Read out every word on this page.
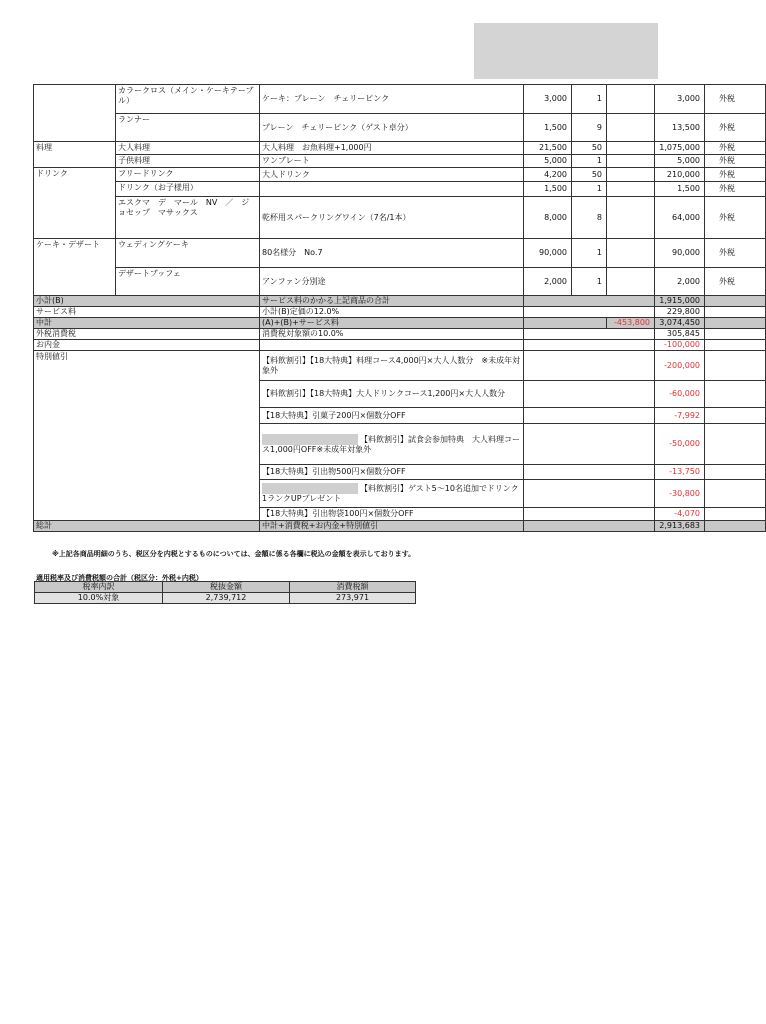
	カラークロス（メイン・ケーキテーブル）	ケーキ：プレーン　チェリーピンク	3,000	1		3,000	外税
	ランナー	プレーン　チェリーピンク（ゲスト卓分）	1,500	9		13,500	外税
料理	大人料理	大人料理　お魚料理+1,000円	21,500	50		1,075,000	外税
	子供料理	ワンプレート	5,000	1		5,000	外税
ドリンク	フリードリンク	大人ドリンク	4,200	50		210,000	外税
	ドリンク（お子様用）		1,500	1		1,500	外税
	エスクマ　デ　マール　NV　／　ジョセップ　マサックス	乾杯用スパークリングワイン（7名/1本）	8,000	8		64,000	外税
ケーキ・デザート	ウェディングケーキ	80名様分　No.7	90,000	1		90,000	外税
	デザートブッフェ	アンファン分別途	2,000	1		2,000	外税
小計(B)		サービス料のかかる上記商品の合計				1,915,000	
サービス料		小計(B)定価の12.0%				229,800	
中計		(A)+(B)+サービス料			-453,800	3,074,450	
外税消費税		消費税対象額の10.0%				305,845	
お内金						-100,000	
特別値引		【料飲割引】【18大特典】料理コース4,000円×大人人数分　※未成年対象外				-200,000	
		【料飲割引】【18大特典】大人ドリンクコース1,200円×大人人数分				-60,000	
		【18大特典】引菓子200円×個数分OFF				-7,992	
		【料飲割引】試食会参加特典　大人料理コース1,000円OFF※未成年対象外				-50,000	
		【18大特典】引出物500円×個数分OFF				-13,750	
		【料飲割引】ゲスト5～10名追加でドリンク1ランクUPプレゼント				-30,800	
		【18大特典】引出物袋100円×個数分OFF				-4,070	
総計		中計+消費税+お内金+特別値引				2,913,683	
※上記各商品明細のうち、税区分を内税とするものについては、金額に係る各欄に税込の金額を表示しております。
適用税率及び消費税額の合計（税区分：外税+内税）
税率内訳	税抜金額	消費税額
10.0%対象	2,739,712	273,971
